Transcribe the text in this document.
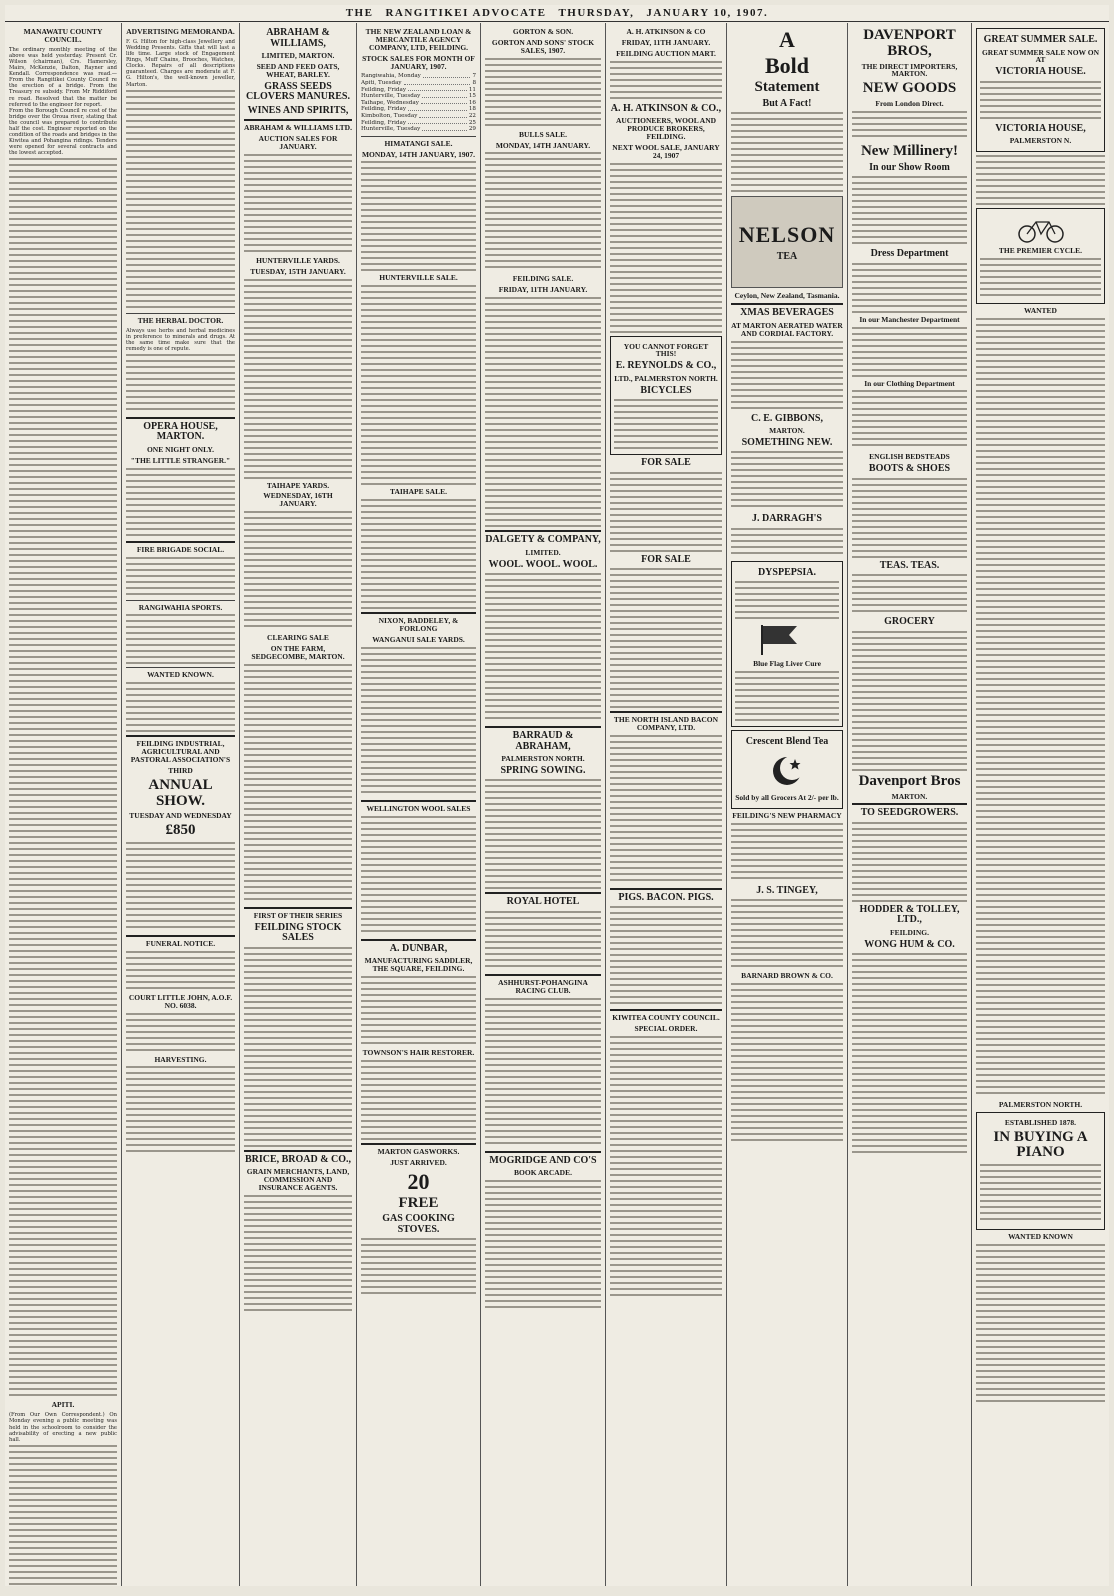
THE RANGITIKEI ADVOCATE THURSDAY, JANUARY 10, 1907.
MANAWATU COUNTY COUNCIL.

The ordinary monthly meeting of the above was held yesterday. Present Cr. Wilson (chairman), Crs. Hamersley, Mairs, McKenzie, Dalton, Rayner and Kendall. Correspondence was read.—From the Rangitikei County Council re the erection of a bridge. From the Treasury re subsidy. From Mr Riddiford re road. Resolved that the matter be referred to the engineer for report.

From the Borough Council re cost of the bridge over the Oroua river, stating that the council was prepared to contribute half the cost. Engineer reported on the condition of the roads and bridges in the Kiwitea and Pohangina ridings. Tenders were opened for several contracts and the lowest accepted.

APITI.

(From Our Own Correspondent.) On Monday evening a public meeting was held in the schoolroom to consider the advisability of erecting a new public hall.

ADVERTISING MEMORANDA.

F. G. Hilton for high-class Jewellery and Wedding Presents. Gifts that will last a life time. Large stock of Engagement Rings, Muff Chains, Brooches, Watches, Clocks. Repairs of all descriptions guaranteed. Charges are moderate at F. G. Hilton's, the well-known jeweller, Marton.

THE HERBAL DOCTOR.

Always use herbs and herbal medicines in preference to minerals and drugs. At the same time make sure that the remedy is one of repute.

OPERA HOUSE, MARTON.
ONE NIGHT ONLY.
"THE LITTLE STRANGER."
FIRE BRIGADE SOCIAL.
RANGIWAHIA SPORTS.
WANTED KNOWN.
FEILDING INDUSTRIAL, AGRICULTURAL AND PASTORAL ASSOCIATION'S
THIRD
ANNUAL SHOW.
TUESDAY AND WEDNESDAY
£850
FUNERAL NOTICE.
COURT LITTLE JOHN, A.O.F. NO. 6038.
HARVESTING.
ABRAHAM & WILLIAMS,
LIMITED, MARTON.
SEED AND FEED OATS, WHEAT, BARLEY.
GRASS SEEDS CLOVERS MANURES.
WINES AND SPIRITS,
ABRAHAM & WILLIAMS LTD.
AUCTION SALES FOR JANUARY.
HUNTERVILLE YARDS.
TUESDAY, 15TH JANUARY.
TAIHAPE YARDS.
WEDNESDAY, 16TH JANUARY.
CLEARING SALE
ON THE FARM, SEDGECOMBE, MARTON.
FIRST OF THEIR SERIES
FEILDING STOCK SALES
BRICE, BROAD & CO.,
GRAIN MERCHANTS, LAND, COMMISSION AND INSURANCE AGENTS.
THE NEW ZEALAND LOAN & MERCANTILE AGENCY COMPANY, LTD, FEILDING.
STOCK SALES FOR MONTH OF JANUARY, 1907.
Rangiwahia, Monday	7
Apiti, Tuesday	8
Feilding, Friday	11
Hunterville, Tuesday	15
Taihape, Wednesday	16
Feilding, Friday	18
Kimbolton, Tuesday	22
Feilding, Friday	25
Hunterville, Tuesday	29
HIMATANGI SALE.
MONDAY, 14TH JANUARY, 1907.
HUNTERVILLE SALE.
TAIHAPE SALE.
NIXON, BADDELEY, & FORLONG
WANGANUI SALE YARDS.
WELLINGTON WOOL SALES
A. DUNBAR,
MANUFACTURING SADDLER, THE SQUARE, FEILDING.
TOWNSON'S HAIR RESTORER.
MARTON GASWORKS.
JUST ARRIVED.
20
FREE
GAS COOKING STOVES.
GORTON & SON.
GORTON AND SONS' STOCK SALES, 1907.
BULLS SALE.
MONDAY, 14TH JANUARY.
FEILDING SALE.
FRIDAY, 11TH JANUARY.
DALGETY & COMPANY,
LIMITED.
WOOL. WOOL. WOOL.
BARRAUD & ABRAHAM,
PALMERSTON NORTH.
SPRING SOWING.
ROYAL HOTEL
ASHHURST-POHANGINA RACING CLUB.
MOGRIDGE AND CO'S
BOOK ARCADE.
A. H. ATKINSON & CO
FRIDAY, 11TH JANUARY.
FEILDING AUCTION MART.
A. H. ATKINSON & CO.,
AUCTIONEERS, WOOL AND PRODUCE BROKERS, FEILDING.
NEXT WOOL SALE, JANUARY 24, 1907
YOU CANNOT FORGET THIS!
E. REYNOLDS & CO.,
LTD., PALMERSTON NORTH.
BICYCLES
FOR SALE
FOR SALE
THE NORTH ISLAND BACON COMPANY, LTD.
PIGS. BACON. PIGS.
KIWITEA COUNTY COUNCIL.
SPECIAL ORDER.
A
Bold
Statement
But A Fact!
NELSON
TEA
Ceylon, New Zealand, Tasmania.
XMAS BEVERAGES
AT MARTON AERATED WATER AND CORDIAL FACTORY.
C. E. GIBBONS,
MARTON.
SOMETHING NEW.
J. DARRAGH'S
DYSPEPSIA.
Blue Flag Liver Cure
Crescent Blend Tea
Sold by all Grocers At 2/- per lb.
FEILDING'S NEW PHARMACY
J. S. TINGEY,
BARNARD BROWN & CO.
DAVENPORT BROS,
THE DIRECT IMPORTERS, MARTON.
NEW GOODS
From London Direct.
New Millinery!
In our Show Room
Dress Department
In our Manchester Department
In our Clothing Department
ENGLISH BEDSTEADS
BOOTS & SHOES
TEAS. TEAS.
GROCERY
Davenport Bros
MARTON.
TO SEEDGROWERS.
HODDER & TOLLEY, LTD.,
FEILDING.
WONG HUM & CO.
GREAT SUMMER SALE.
GREAT SUMMER SALE NOW ON AT
VICTORIA HOUSE.
VICTORIA HOUSE,
PALMERSTON N.
THE PREMIER CYCLE.
WANTED
PALMERSTON NORTH.
ESTABLISHED 1878.
IN BUYING A PIANO
WANTED KNOWN
